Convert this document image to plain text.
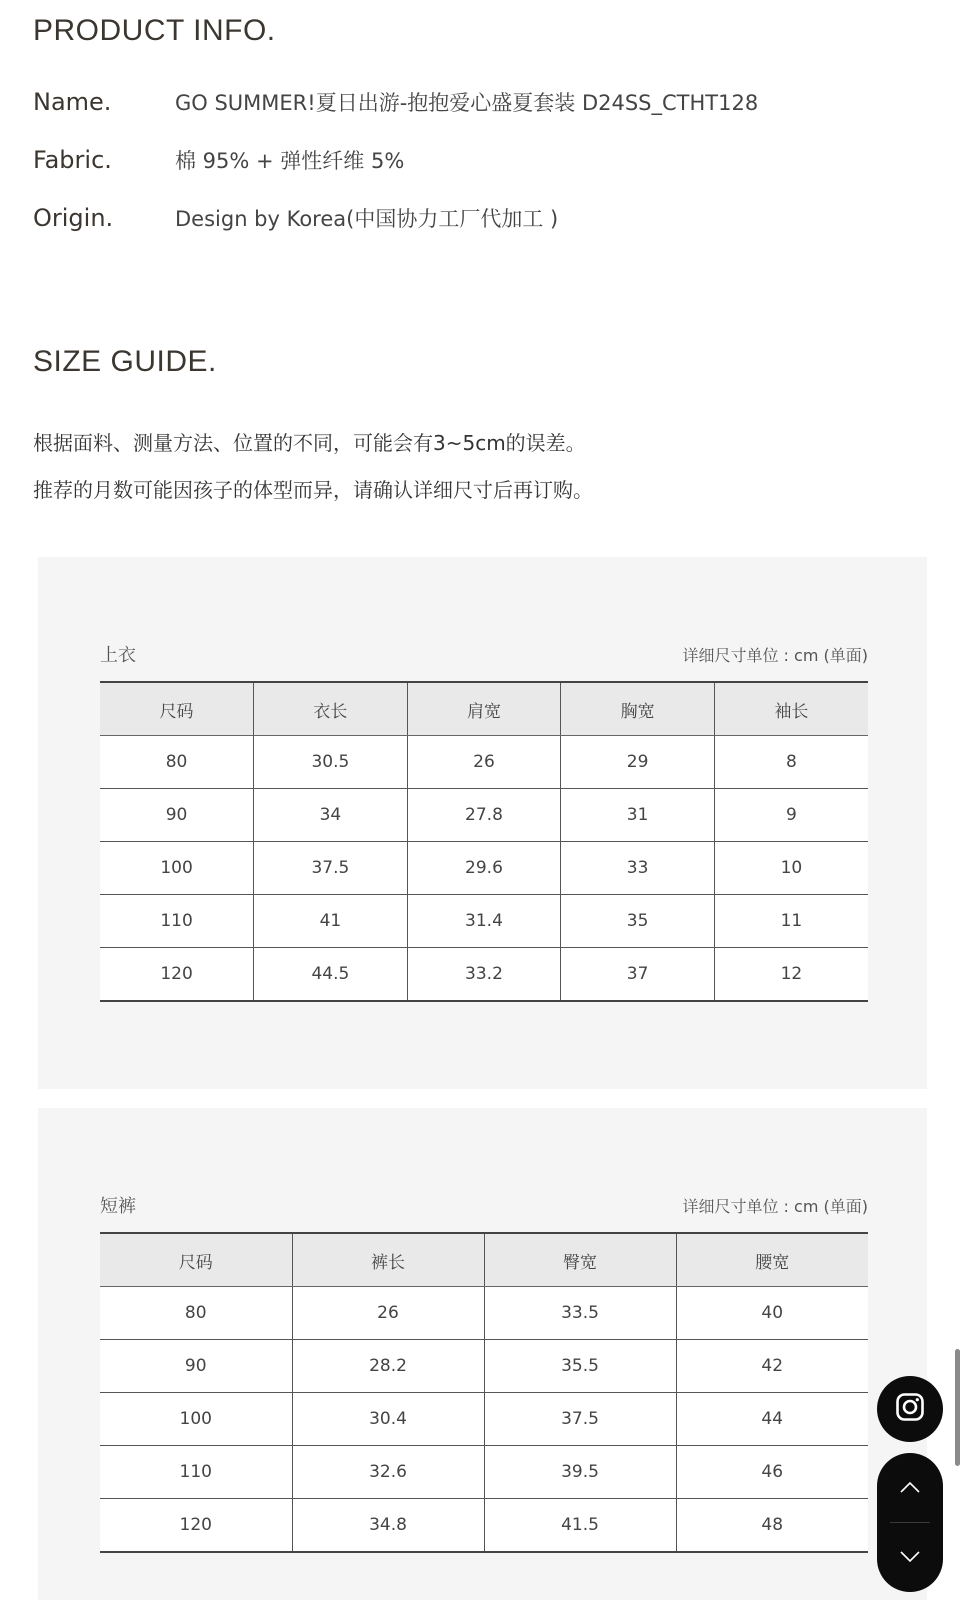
PRODUCT INFO.
Name.	GO SUMMER!夏日出游-抱抱爱心盛夏套装 D24SS_CTHT128
Fabric.	棉 95% + 弹性纤维 5%
Origin.	Design by Korea(中国协力工厂代加工 )
SIZE GUIDE.
根据面料、测量方法、位置的不同，可能会有3~5cm的误差。
推荐的月数可能因孩子的体型而异，请确认详细尺寸后再订购。
上衣	详细尺寸单位 : cm (单面)
尺码	衣长	肩宽	胸宽	袖长
80	30.5	26	29	8
90	34	27.8	31	9
100	37.5	29.6	33	10
110	41	31.4	35	11
120	44.5	33.2	37	12
短裤	详细尺寸单位 : cm (单面)
尺码	裤长	臀宽	腰宽
80	26	33.5	40
90	28.2	35.5	42
100	30.4	37.5	44
110	32.6	39.5	46
120	34.8	41.5	48
